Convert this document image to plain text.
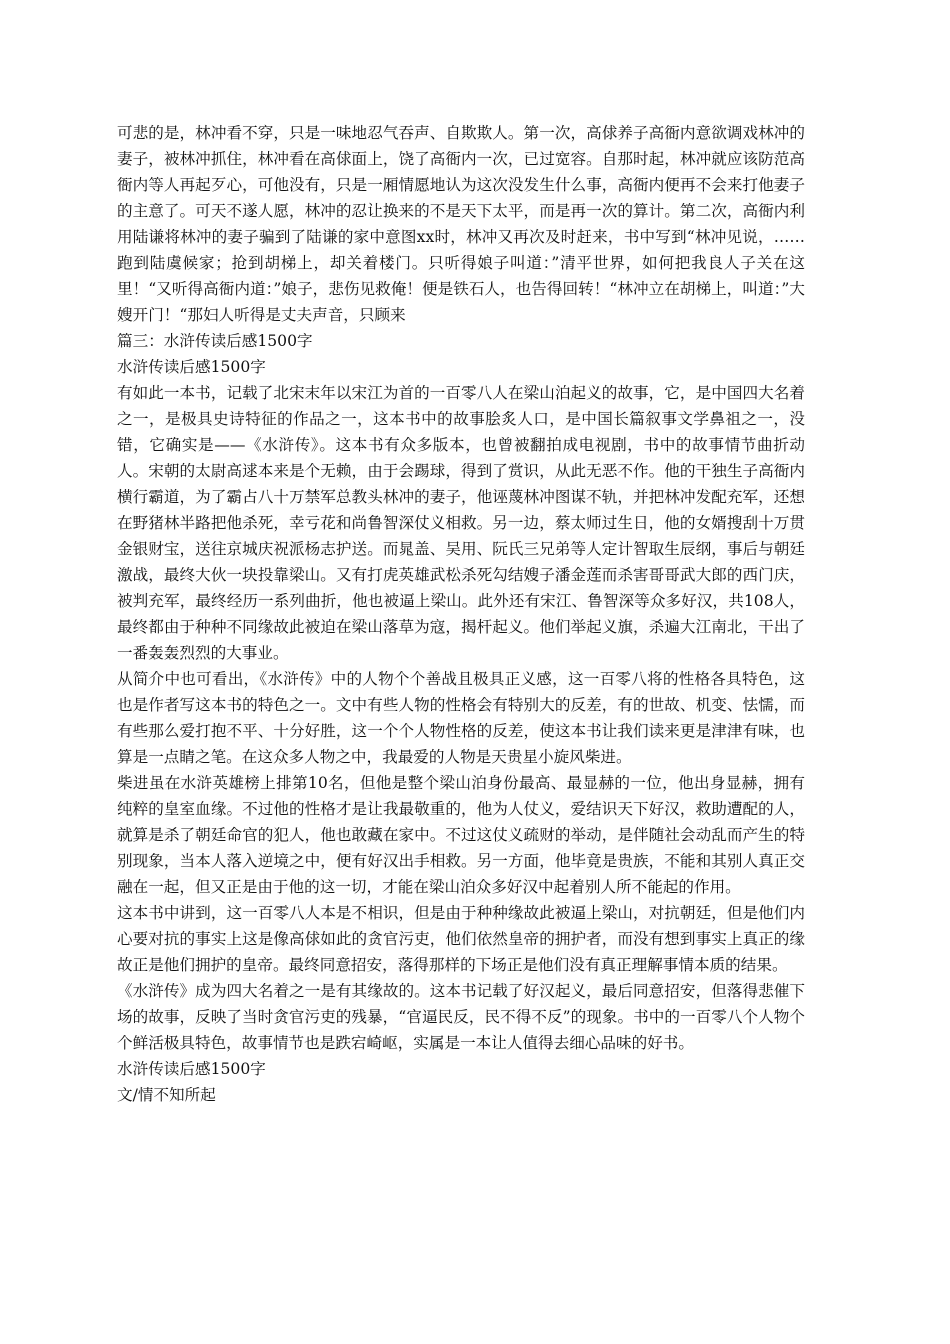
可悲的是，林冲看不穿，只是一味地忍气吞声、自欺欺人。第一次，高俅养子高衙内意欲调戏林冲的妻子，被林冲抓住，林冲看在高俅面上，饶了高衙内一次，已过宽容。自那时起，林冲就应该防范高衙内等人再起歹心，可他没有，只是一厢情愿地认为这次没发生什么事，高衙内便再不会来打他妻子的主意了。可天不遂人愿，林冲的忍让换来的不是天下太平，而是再一次的算计。第二次，高衙内利用陆谦将林冲的妻子骗到了陆谦的家中意图xx时，林冲又再次及时赶来，书中写到“林冲见说，……跑到陆虞候家；抢到胡梯上，却关着楼门。只听得娘子叫道：”清平世界，如何把我良人子关在这里！“又听得高衙内道：”娘子，悲伤见救俺！便是铁石人，也告得回转！“林冲立在胡梯上，叫道：”大嫂开门！“那妇人听得是丈夫声音，只顾来

篇三：水浒传读后感1500字

水浒传读后感1500字

有如此一本书，记载了北宋末年以宋江为首的一百零八人在梁山泊起义的故事，它，是中国四大名着之一，是极具史诗特征的作品之一，这本书中的故事脍炙人口，是中国长篇叙事文学鼻祖之一，没错，它确实是——《水浒传》。这本书有众多版本，也曾被翻拍成电视剧，书中的故事情节曲折动人。宋朝的太尉高逑本来是个无赖，由于会踢球，得到了赏识，从此无恶不作。他的干独生子高衙内横行霸道，为了霸占八十万禁军总教头林冲的妻子，他诬蔑林冲图谋不轨，并把林冲发配充军，还想在野猪林半路把他杀死，幸亏花和尚鲁智深仗义相救。另一边，蔡太师过生日，他的女婿搜刮十万贯金银财宝，送往京城庆祝派杨志护送。而晁盖、吴用、阮氏三兄弟等人定计智取生辰纲，事后与朝廷激战，最终大伙一块投靠梁山。又有打虎英雄武松杀死勾结嫂子潘金莲而杀害哥哥武大郎的西门庆，被判充军，最终经历一系列曲折，他也被逼上梁山。此外还有宋江、鲁智深等众多好汉，共108人，最终都由于种种不同缘故此被迫在梁山落草为寇，揭杆起义。他们举起义旗，杀遍大江南北，干出了一番轰轰烈烈的大事业。

从简介中也可看出，《水浒传》中的人物个个善战且极具正义感，这一百零八将的性格各具特色，这也是作者写这本书的特色之一。文中有些人物的性格会有特别大的反差，有的世故、机变、怯懦，而有些那么爱打抱不平、十分好胜，这一个个人物性格的反差，使这本书让我们读来更是津津有味，也算是一点睛之笔。在这众多人物之中，我最爱的人物是天贵星小旋风柴进。

柴进虽在水浒英雄榜上排第10名，但他是整个梁山泊身份最高、最显赫的一位，他出身显赫，拥有纯粹的皇室血缘。不过他的性格才是让我最敬重的，他为人仗义，爱结识天下好汉，救助遭配的人，就算是杀了朝廷命官的犯人，他也敢藏在家中。不过这仗义疏财的举动，是伴随社会动乱而产生的特别现象，当本人落入逆境之中，便有好汉出手相救。另一方面，他毕竟是贵族，不能和其别人真正交融在一起，但又正是由于他的这一切，才能在梁山泊众多好汉中起着别人所不能起的作用。

这本书中讲到，这一百零八人本是不相识，但是由于种种缘故此被逼上梁山，对抗朝廷，但是他们内心要对抗的事实上这是像高俅如此的贪官污吏，他们依然皇帝的拥护者，而没有想到事实上真正的缘故正是他们拥护的皇帝。最终同意招安，落得那样的下场正是他们没有真正理解事情本质的结果。

《水浒传》成为四大名着之一是有其缘故的。这本书记载了好汉起义，最后同意招安，但落得悲催下场的故事，反映了当时贪官污吏的残暴，“官逼民反，民不得不反”的现象。书中的一百零八个人物个个鲜活极具特色，故事情节也是跌宕崎岖，实属是一本让人值得去细心品味的好书。

水浒传读后感1500字

文/情不知所起
